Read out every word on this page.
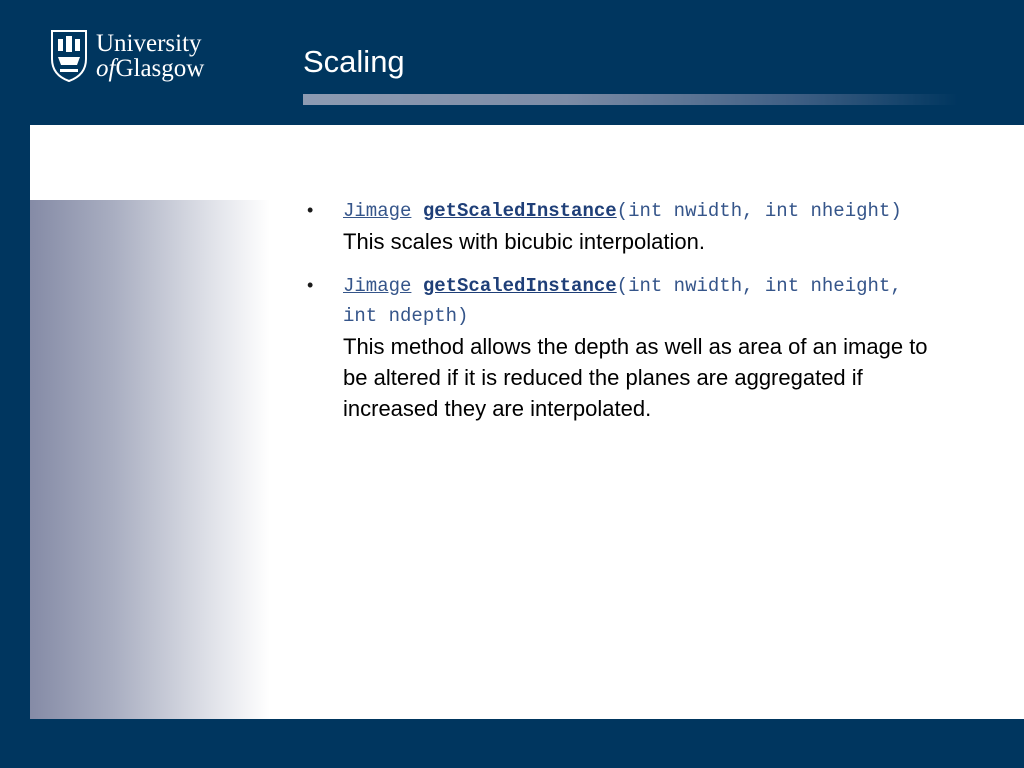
University
ofGlasgow	Scaling
• Jimage getScaledInstance(int nwidth, int nheight)
This scales with bicubic interpolation.
• Jimage getScaledInstance(int nwidth, int nheight, int ndepth)
This method allows the depth as well as area of an image to be altered if it is reduced the planes are aggregated if increased they are interpolated.
